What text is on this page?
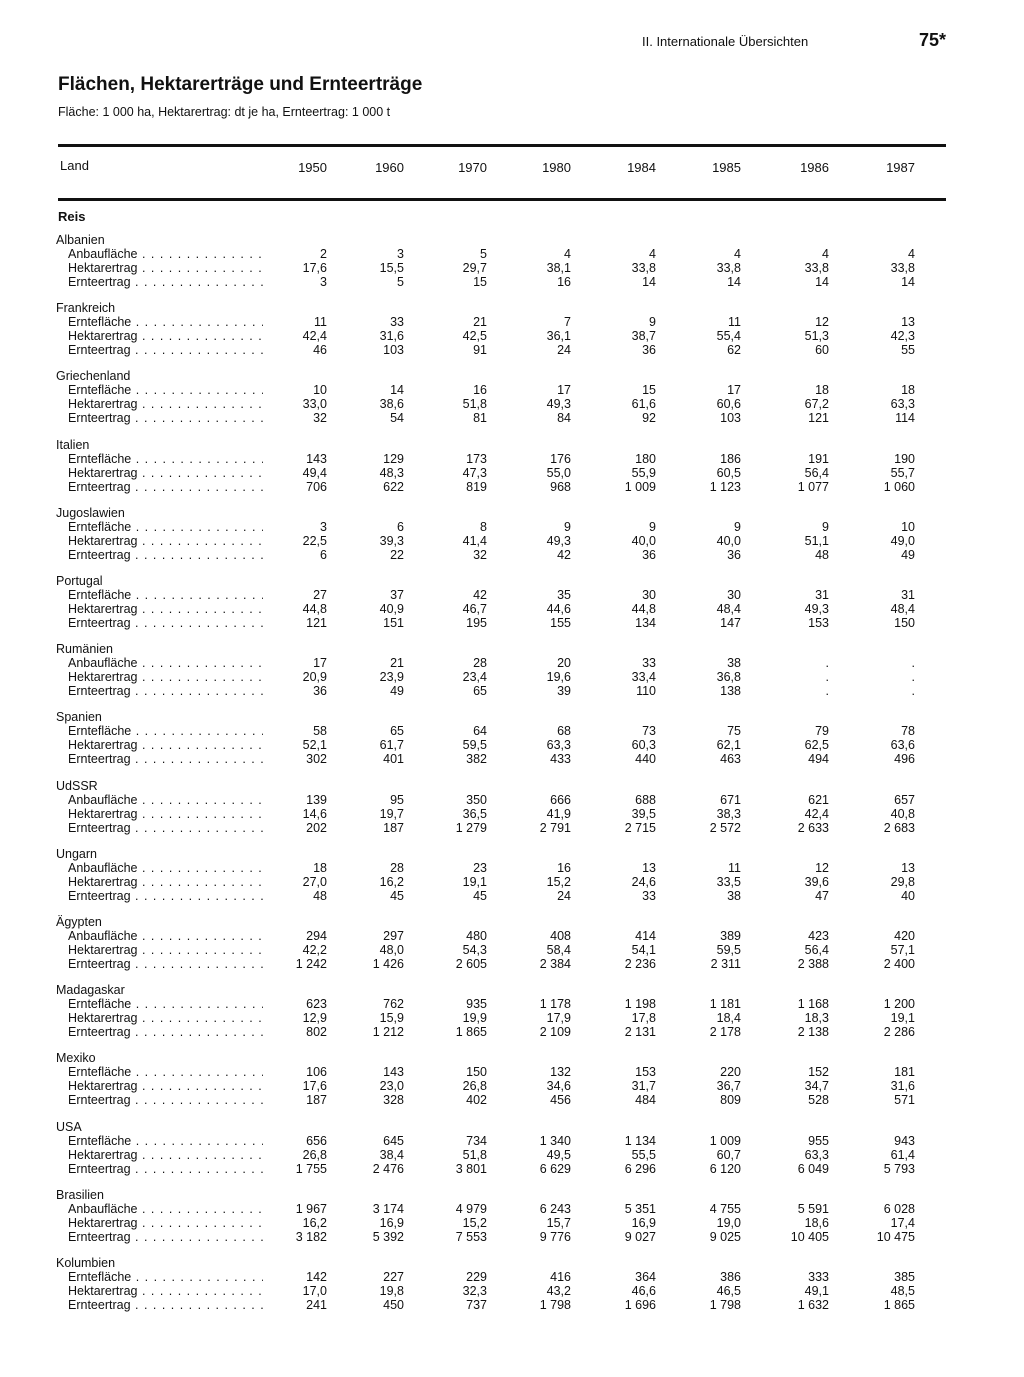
II. Internationale Übersichten	75*
Flächen, Hektarerträge und Ernteerträge
Fläche: 1 000 ha, Hektarertrag: dt je ha, Ernteertrag: 1 000 t
Land	1950	1960	1970	1980	1984	1985	1986	1987
Reis
Albanien
Anbaufläche . . .	2	3	5	4	4	4	4	4
Hektarertrag . . .	17,6	15,5	29,7	38,1	33,8	33,8	33,8	33,8
Ernteertrag . . .	3	5	15	16	14	14	14	14
Frankreich
Erntefläche . . .	11	33	21	7	9	11	12	13
Hektarertrag . . .	42,4	31,6	42,5	36,1	38,7	55,4	51,3	42,3
Ernteertrag . . .	46	103	91	24	36	62	60	55
Griechenland
Erntefläche . . .	10	14	16	17	15	17	18	18
Hektarertrag . . .	33,0	38,6	51,8	49,3	61,6	60,6	67,2	63,3
Ernteertrag . . .	32	54	81	84	92	103	121	114
Italien
Erntefläche . . .	143	129	173	176	180	186	191	190
Hektarertrag . . .	49,4	48,3	47,3	55,0	55,9	60,5	56,4	55,7
Ernteertrag . . .	706	622	819	968	1 009	1 123	1 077	1 060
Jugoslawien
Erntefläche . . .	3	6	8	9	9	9	9	10
Hektarertrag . . .	22,5	39,3	41,4	49,3	40,0	40,0	51,1	49,0
Ernteertrag . . .	6	22	32	42	36	36	48	49
Portugal
Erntefläche . . .	27	37	42	35	30	30	31	31
Hektarertrag . . .	44,8	40,9	46,7	44,6	44,8	48,4	49,3	48,4
Ernteertrag . . .	121	151	195	155	134	147	153	150
Rumänien
Anbaufläche . . .	17	21	28	20	33	38	.	.
Hektarertrag . . .	20,9	23,9	23,4	19,6	33,4	36,8	.	.
Ernteertrag . . .	36	49	65	39	110	138	.	.
Spanien
Erntefläche . . .	58	65	64	68	73	75	79	78
Hektarertrag . . .	52,1	61,7	59,5	63,3	60,3	62,1	62,5	63,6
Ernteertrag . . .	302	401	382	433	440	463	494	496
UdSSR
Anbaufläche . . .	139	95	350	666	688	671	621	657
Hektarertrag . . .	14,6	19,7	36,5	41,9	39,5	38,3	42,4	40,8
Ernteertrag . . .	202	187	1 279	2 791	2 715	2 572	2 633	2 683
Ungarn
Anbaufläche . . .	18	28	23	16	13	11	12	13
Hektarertrag . . .	27,0	16,2	19,1	15,2	24,6	33,5	39,6	29,8
Ernteertrag . . .	48	45	45	24	33	38	47	40
Ägypten
Anbaufläche . . .	294	297	480	408	414	389	423	420
Hektarertrag . . .	42,2	48,0	54,3	58,4	54,1	59,5	56,4	57,1
Ernteertrag . . .	1 242	1 426	2 605	2 384	2 236	2 311	2 388	2 400
Madagaskar
Erntefläche . . .	623	762	935	1 178	1 198	1 181	1 168	1 200
Hektarertrag . . .	12,9	15,9	19,9	17,9	17,8	18,4	18,3	19,1
Ernteertrag . . .	802	1 212	1 865	2 109	2 131	2 178	2 138	2 286
Mexiko
Erntefläche . . .	106	143	150	132	153	220	152	181
Hektarertrag . . .	17,6	23,0	26,8	34,6	31,7	36,7	34,7	31,6
Ernteertrag . . .	187	328	402	456	484	809	528	571
USA
Erntefläche . . .	656	645	734	1 340	1 134	1 009	955	943
Hektarertrag . . .	26,8	38,4	51,8	49,5	55,5	60,7	63,3	61,4
Ernteertrag . . .	1 755	2 476	3 801	6 629	6 296	6 120	6 049	5 793
Brasilien
Anbaufläche . . .	1 967	3 174	4 979	6 243	5 351	4 755	5 591	6 028
Hektarertrag . . .	16,2	16,9	15,2	15,7	16,9	19,0	18,6	17,4
Ernteertrag . . .	3 182	5 392	7 553	9 776	9 027	9 025	10 405	10 475
Kolumbien
Erntefläche . . .	142	227	229	416	364	386	333	385
Hektarertrag . . .	17,0	19,8	32,3	43,2	46,6	46,5	49,1	48,5
Ernteertrag . . .	241	450	737	1 798	1 696	1 798	1 632	1 865
